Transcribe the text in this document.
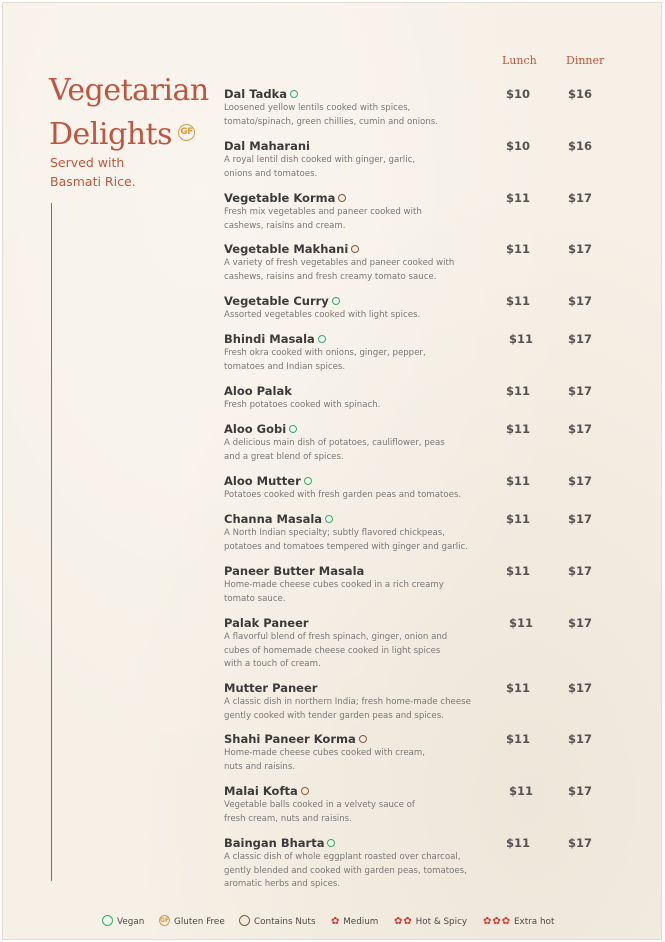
Vegetarian
Delights GF
Served with
Basmati Rice.
Lunch	Dinner
Dal Tadka
Loosened yellow lentils cooked with spices,
tomato/spinach, green chillies, cumin and onions.
$10	$16
Dal Maharani
A royal lentil dish cooked with ginger, garlic,
onions and tomatoes.
$10	$16
Vegetable Korma
Fresh mix vegetables and paneer cooked with
cashews, raisins and cream.
$11	$17
Vegetable Makhani
A variety of fresh vegetables and paneer cooked with
cashews, raisins and fresh creamy tomato sauce.
$11	$17
Vegetable Curry
Assorted vegetables cooked with light spices.
$11	$17
Bhindi Masala
Fresh okra cooked with onions, ginger, pepper,
tomatoes and Indian spices.
$11	$17
Aloo Palak
Fresh potatoes cooked with spinach.
$11	$17
Aloo Gobi
A delicious main dish of potatoes, cauliflower, peas
and a great blend of spices.
$11	$17
Aloo Mutter
Potatoes cooked with fresh garden peas and tomatoes.
$11	$17
Channa Masala
A North Indian specialty; subtly flavored chickpeas,
potatoes and tomatoes tempered with ginger and garlic.
$11	$17
Paneer Butter Masala
Home-made cheese cubes cooked in a rich creamy
tomato sauce.
$11	$17
Palak Paneer
A flavorful blend of fresh spinach, ginger, onion and
cubes of homemade cheese cooked in light spices
with a touch of cream.
$11	$17
Mutter Paneer
A classic dish in northern India; fresh home-made cheese
gently cooked with tender garden peas and spices.
$11	$17
Shahi Paneer Korma
Home-made cheese cubes cooked with cream,
nuts and raisins.
$11	$17
Malai Kofta
Vegetable balls cooked in a velvety sauce of
fresh cream, nuts and raisins.
$11	$17
Baingan Bharta
A classic dish of whole eggplant roasted over charcoal,
gently blended and cooked with garden peas, tomatoes,
aromatic herbs and spices.
$11	$17
Vegan	GF Gluten Free	Contains Nuts ✿ Medium ✿✿ Hot & Spicy ✿✿✿ Extra hot
